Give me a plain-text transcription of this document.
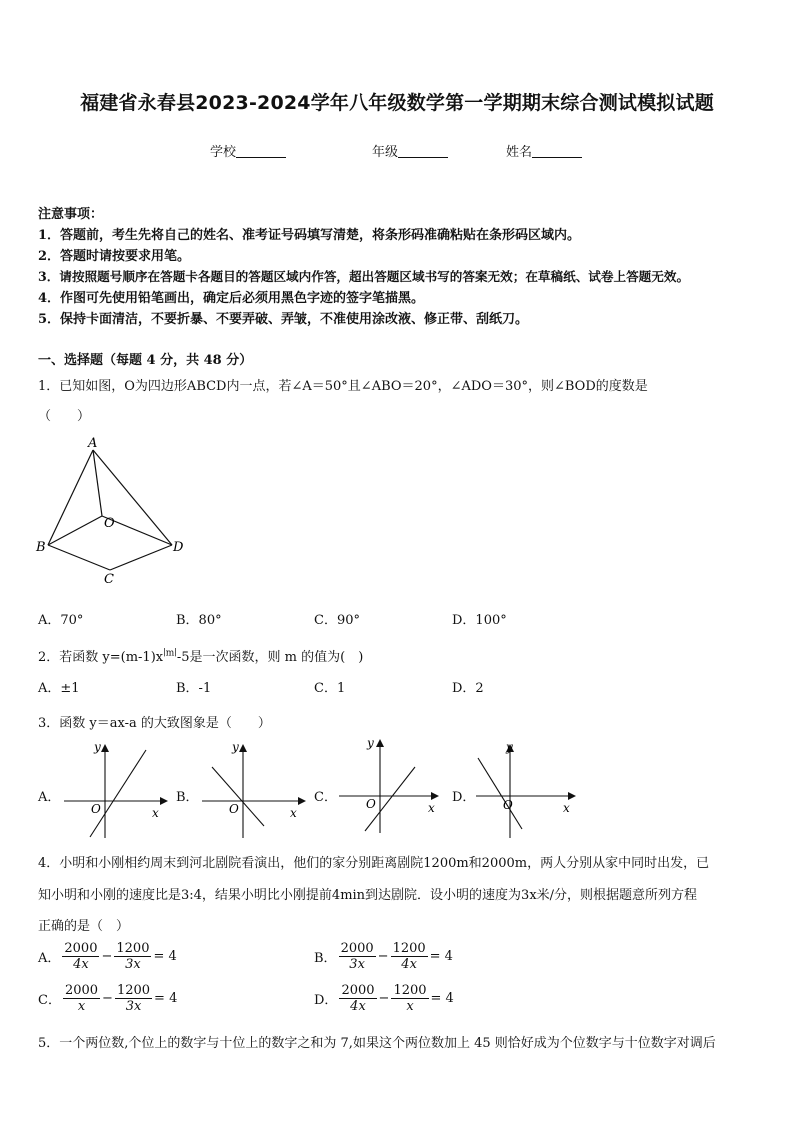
福建省永春县2023-2024学年八年级数学第一学期期末综合测试模拟试题
学校	年级	姓名
注意事项：
1．答题前，考生先将自己的姓名、准考证号码填写清楚，将条形码准确粘贴在条形码区域内。
2．答题时请按要求用笔。
3．请按照题号顺序在答题卡各题目的答题区域内作答，超出答题区域书写的答案无效；在草稿纸、试卷上答题无效。
4．作图可先使用铅笔画出，确定后必须用黑色字迹的签字笔描黑。
5．保持卡面清洁，不要折暴、不要弄破、弄皱，不准使用涂改液、修正带、刮纸刀。
一、选择题（每题 4 分，共 48 分）
1．已知如图，O为四边形ABCD内一点，若∠A＝50°且∠ABO＝20°，∠ADO＝30°，则∠BOD的度数是
（　　）
A
B
C
D
O
A．70°	B．80°	C．90°	D．100°
2．若函数 $y=(m-1)x^{∣m∣}-5$是一次函数，则 m 的值为(　)
A．±1	B．-1	C．1	D．2
3．函数 y＝ax-a 的大致图象是（　　）
A．	B．	C．	D．
y
x
O
y
x
O
y
x
O
y
x
O
4．小明和小刚相约周末到河北剧院看演出，他们的家分别距离剧院1200m和2000m，两人分别从家中同时出发，已
知小明和小刚的速度比是3:4，结果小明比小刚提前4min到达剧院．设小明的速度为3x米/分，则根据题意所列方程
正确的是（　）
A． $\frac{2000}{4x} - \frac{1200}{3x} = 4$	B． $\frac{2000}{3x} - \frac{1200}{4x} = 4$
C． $\frac{2000}{x} - \frac{1200}{3x} = 4$	D． $\frac{2000}{4x} - \frac{1200}{x} = 4$
5．一个两位数,个位上的数字与十位上的数字之和为 7,如果这个两位数加上 45 则恰好成为个位数字与十位数字对调后
